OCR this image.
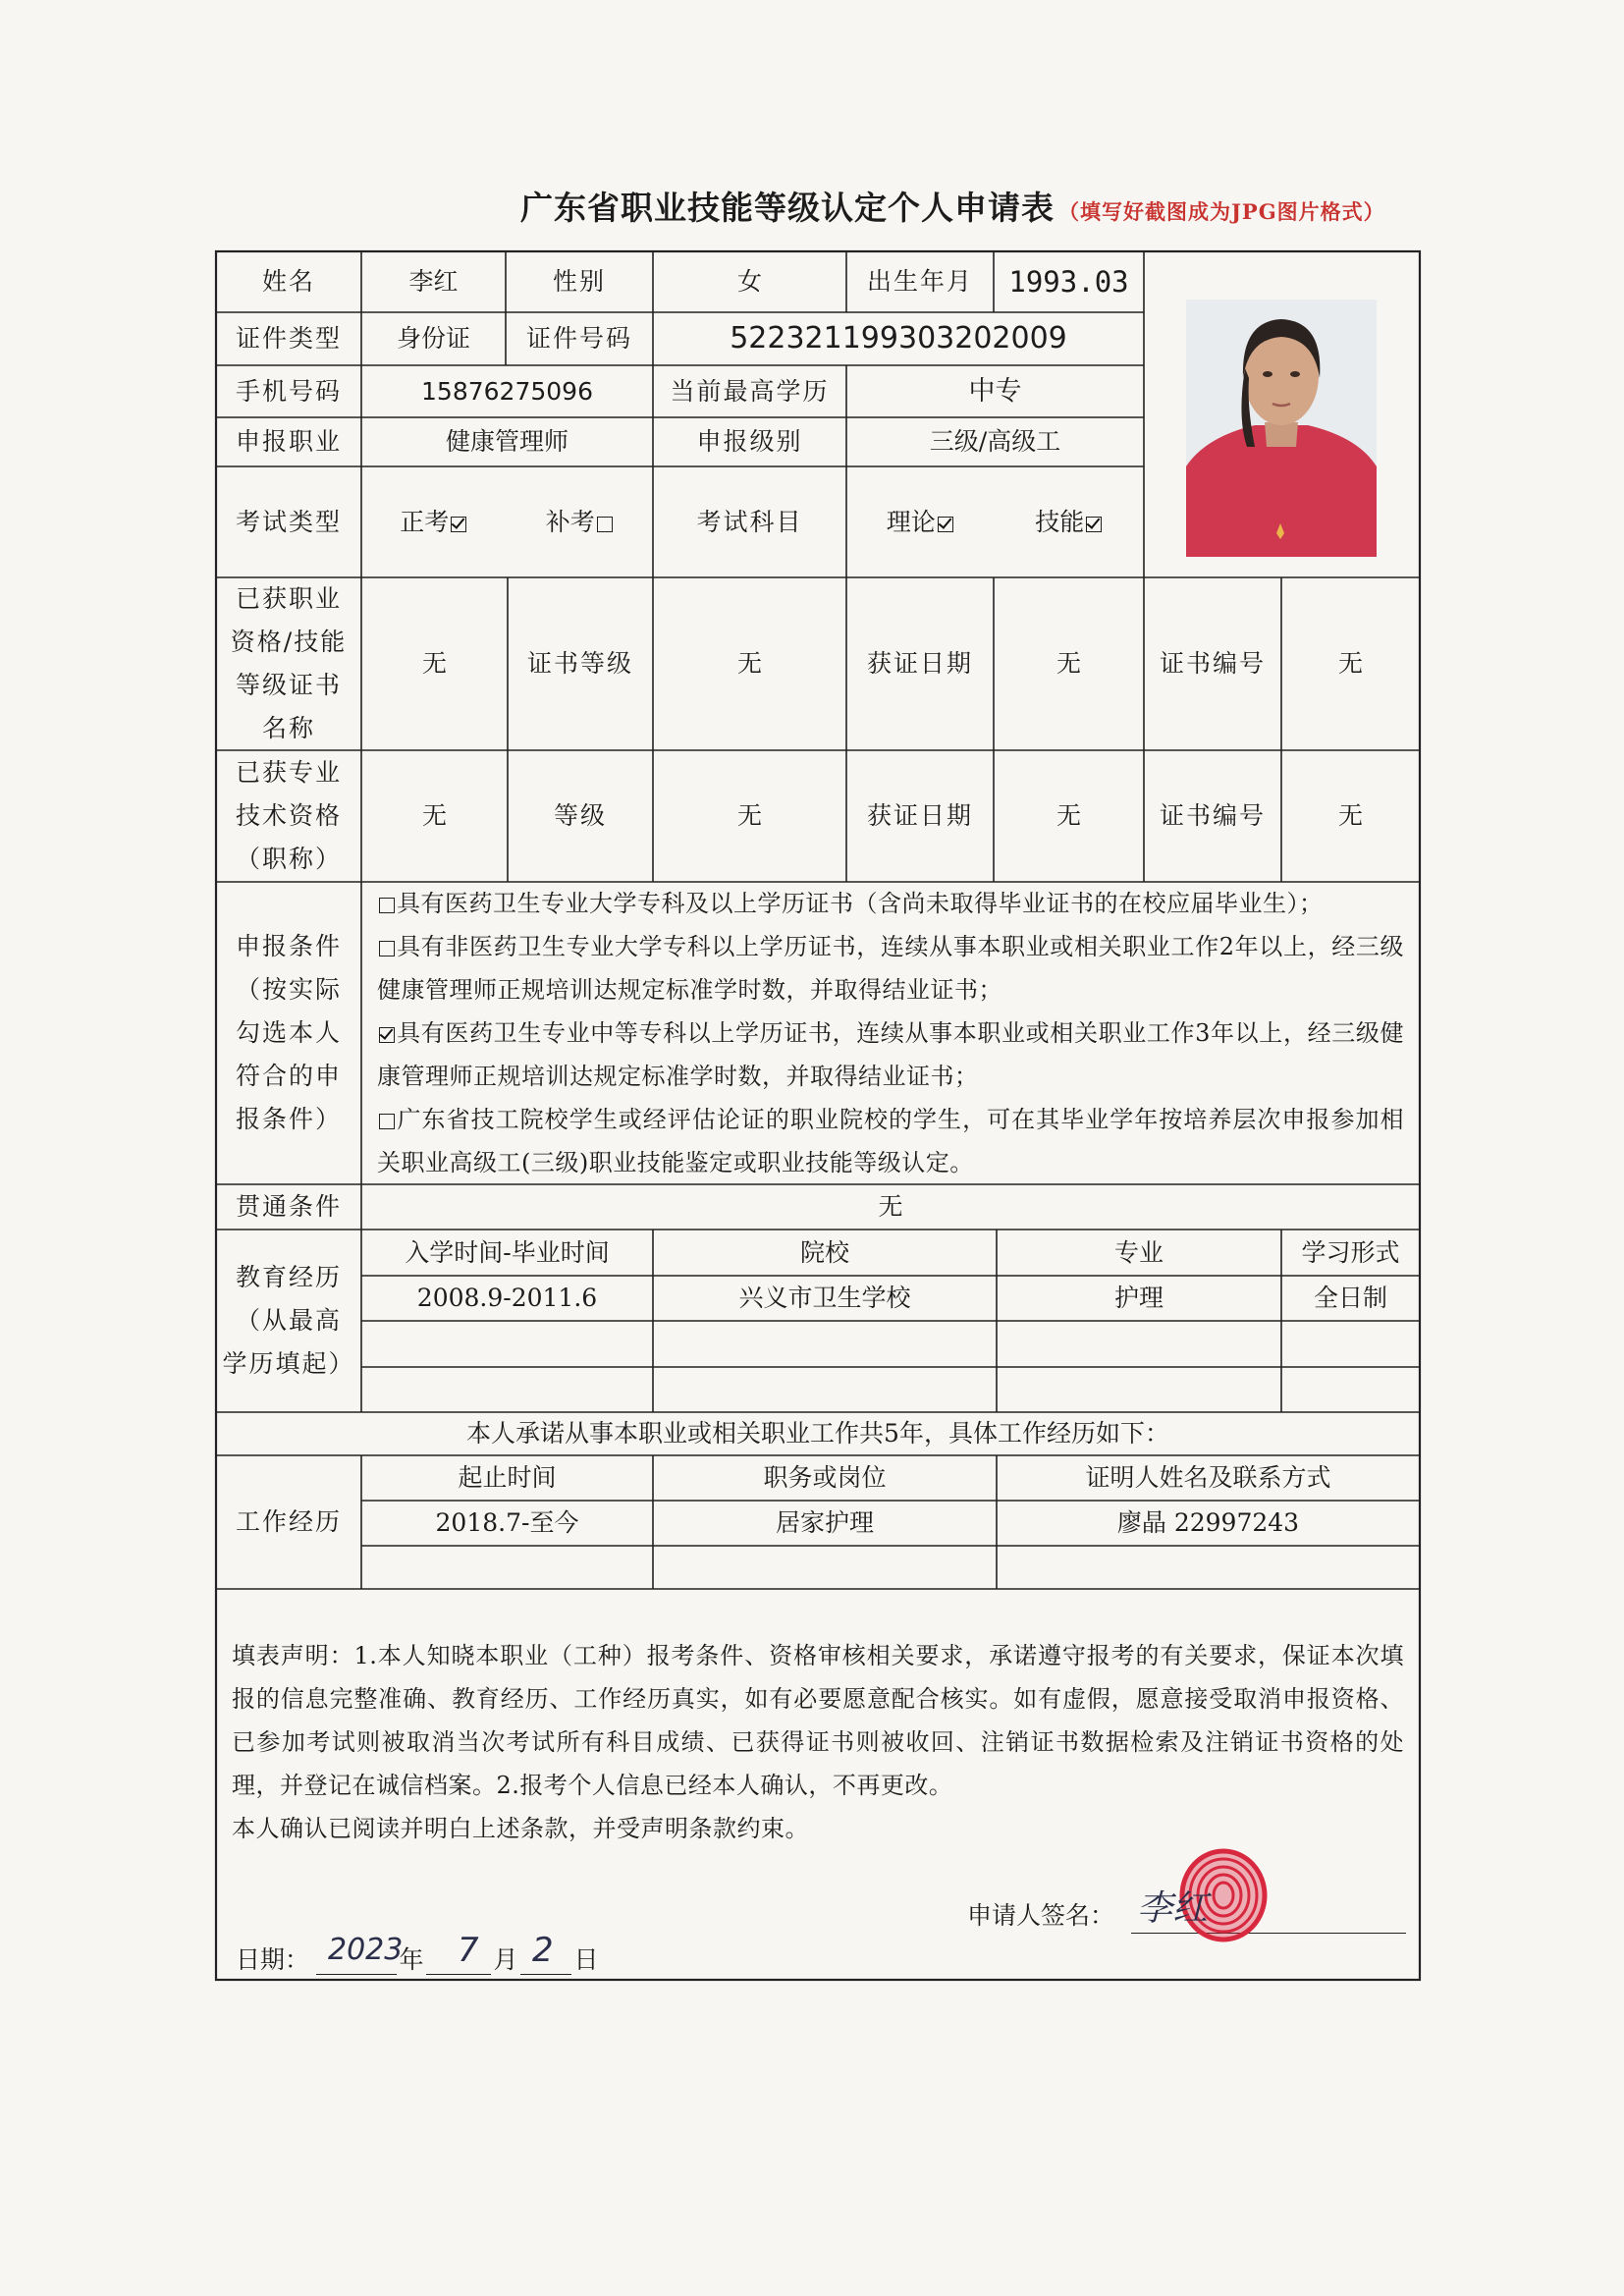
广东省职业技能等级认定个人申请表 （填写好截图成为JPG图片格式）
姓名	李红	性别	女	出生年月	1993.03
证件类型	身份证	证件号码	522321199303202009
手机号码	15876275096	当前最高学历	中专
申报职业	健康管理师	申报级别	三级/高级工
考试类型	正考	补考	考试科目	理论	技能
已获职业
资格/技能
等级证书
名称
无	证书等级	无	获证日期	无	证书编号	无
已获专业
技术资格
（职称）
无	等级	无	获证日期	无	证书编号	无
申报条件
（按实际
勾选本人
符合的申
报条件）
具有医药卫生专业大学专科及以上学历证书（含尚未取得毕业证书的在校应届毕业生）；
具有非医药卫生专业大学专科以上学历证书，连续从事本职业或相关职业工作2年以上，经三级健康管理师正规培训达规定标准学时数，并取得结业证书；
具有医药卫生专业中等专科以上学历证书，连续从事本职业或相关职业工作3年以上，经三级健康管理师正规培训达规定标准学时数，并取得结业证书；
广东省技工院校学生或经评估论证的职业院校的学生，可在其毕业学年按培养层次申报参加相关职业高级工(三级)职业技能鉴定或职业技能等级认定。
贯通条件	无
教育经历
（从最高
学历填起）
入学时间-毕业时间	院校	专业	学习形式
2008.9-2011.6	兴义市卫生学校	护理	全日制
本人承诺从事本职业或相关职业工作共5年，具体工作经历如下：
工作经历
起止时间	职务或岗位	证明人姓名及联系方式
2018.7-至今	居家护理	廖晶 22997243
填表声明：1.本人知晓本职业（工种）报考条件、资格审核相关要求，承诺遵守报考的有关要求，保证本次填报的信息完整准确、教育经历、工作经历真实，如有必要愿意配合核实。如有虚假，愿意接受取消申报资格、已参加考试则被取消当次考试所有科目成绩、已获得证书则被收回、注销证书数据检索及注销证书资格的处理，并登记在诚信档案。2.报考个人信息已经本人确认，不再更改。
本人确认已阅读并明白上述条款，并受声明条款约束。
申请人签名： 李红
日期： 2023
年 7 月 2 日
